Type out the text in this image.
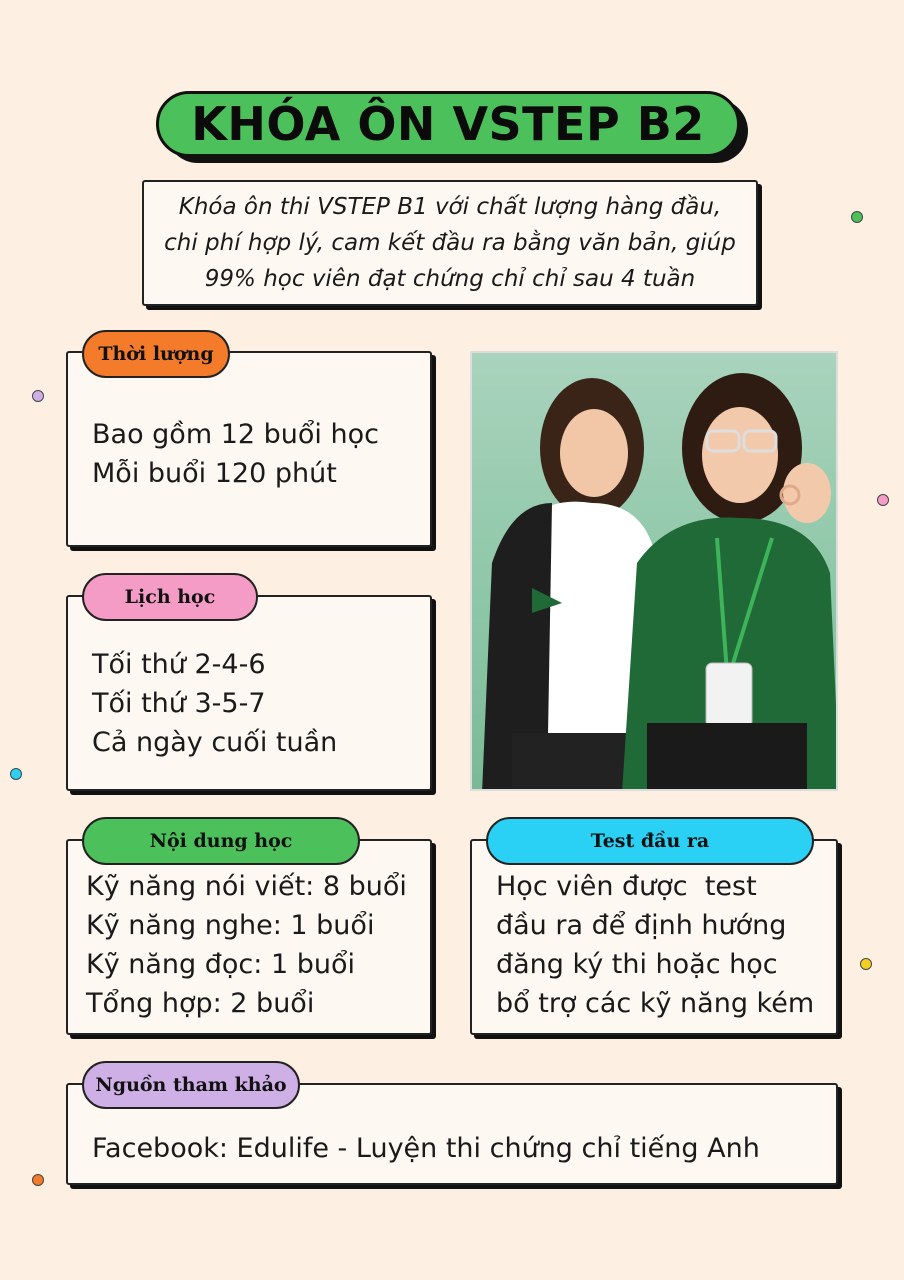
KHÓA ÔN VSTEP B2
Khóa ôn thi VSTEP B1 với chất lượng hàng đầu, chi phí hợp lý, cam kết đầu ra bằng văn bản, giúp 99% học viên đạt chứng chỉ chỉ sau 4 tuần
Bao gồm 12 buổi học
Mỗi buổi 120 phút
Thời lượng
Tối thứ 2-4-6
Tối thứ 3-5-7
Cả ngày cuối tuần
Lịch học
Kỹ năng nói viết: 8 buổi
Kỹ năng nghe: 1 buổi
Kỹ năng đọc: 1 buổi
Tổng hợp: 2 buổi
Nội dung học
Học viên được  test
đầu ra để định hướng
đăng ký thi hoặc học
bổ trợ các kỹ năng kém
Test đầu ra
Facebook: Edulife - Luyện thi chứng chỉ tiếng Anh
Nguồn tham khảo
